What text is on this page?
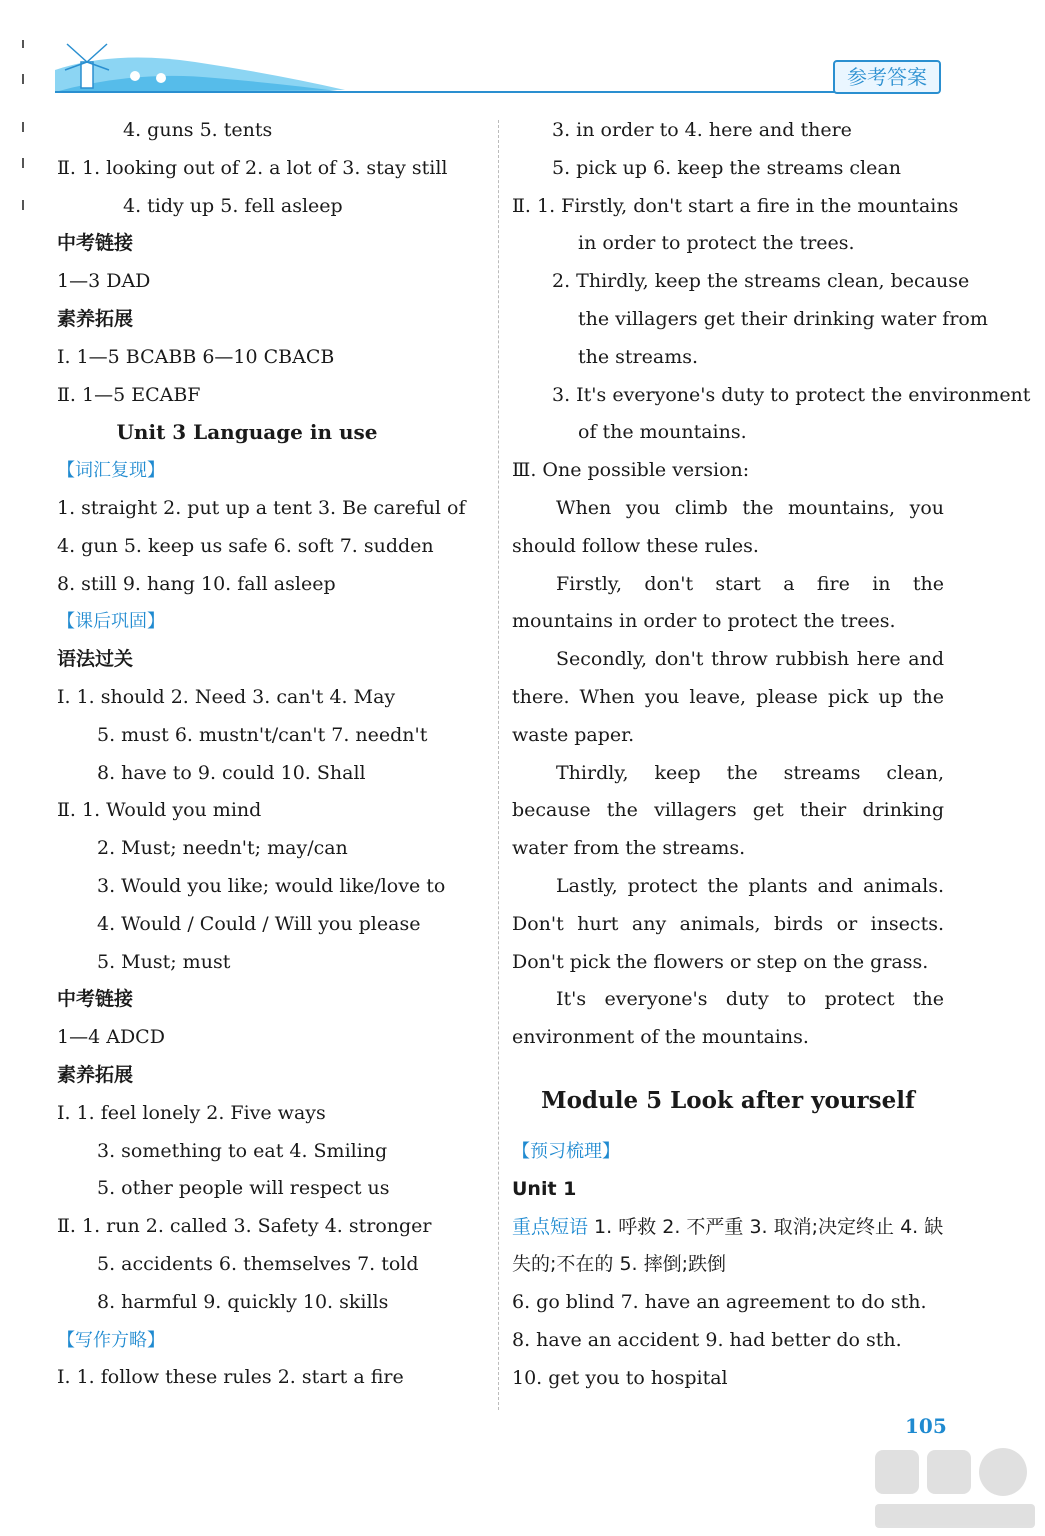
参考答案
4. guns 5. tents
Ⅱ. 1. looking out of 2. a lot of 3. stay still
4. tidy up 5. fell asleep
中考链接
1—3 DAD
素养拓展
Ⅰ. 1—5 BCABB 6—10 CBACB
Ⅱ. 1—5 ECABF
Unit 3 Language in use
【词汇复现】
1. straight 2. put up a tent 3. Be careful of
4. gun 5. keep us safe 6. soft 7. sudden
8. still 9. hang 10. fall asleep
【课后巩固】
语法过关
Ⅰ. 1. should 2. Need 3. can't 4. May
5. must 6. mustn't/can't 7. needn't
8. have to 9. could 10. Shall
Ⅱ. 1. Would you mind
2. Must; needn't; may/can
3. Would you like; would like/love to
4. Would / Could / Will you please
5. Must; must
中考链接
1—4 ADCD
素养拓展
Ⅰ. 1. feel lonely 2. Five ways
3. something to eat 4. Smiling
5. other people will respect us
Ⅱ. 1. run 2. called 3. Safety 4. stronger
5. accidents 6. themselves 7. told
8. harmful 9. quickly 10. skills
【写作方略】
Ⅰ. 1. follow these rules 2. start a fire
3. in order to 4. here and there
5. pick up 6. keep the streams clean
Ⅱ. 1. Firstly, don't start a fire in the mountains
in order to protect the trees.
2. Thirdly, keep the streams clean, because
the villagers get their drinking water from
the streams.
3. It's everyone's duty to protect the environment
of the mountains.
Ⅲ. One possible version:
When you climb the mountains, you should follow these rules.
Firstly, don't start a fire in the mountains in order to protect the trees.
Secondly, don't throw rubbish here and there. When you leave, please pick up the waste paper.
Thirdly, keep the streams clean, because the villagers get their drinking water from the streams.
Lastly, protect the plants and animals. Don't hurt any animals, birds or insects. Don't pick the flowers or step on the grass.
It's everyone's duty to protect the environment of the mountains.
Module 5 Look after yourself
【预习梳理】
Unit 1
重点短语 1. 呼救 2. 不严重 3. 取消;决定终止 4. 缺失的;不在的 5. 摔倒;跌倒
6. go blind 7. have an agreement to do sth.
8. have an accident 9. had better do sth.
10. get you to hospital
105
